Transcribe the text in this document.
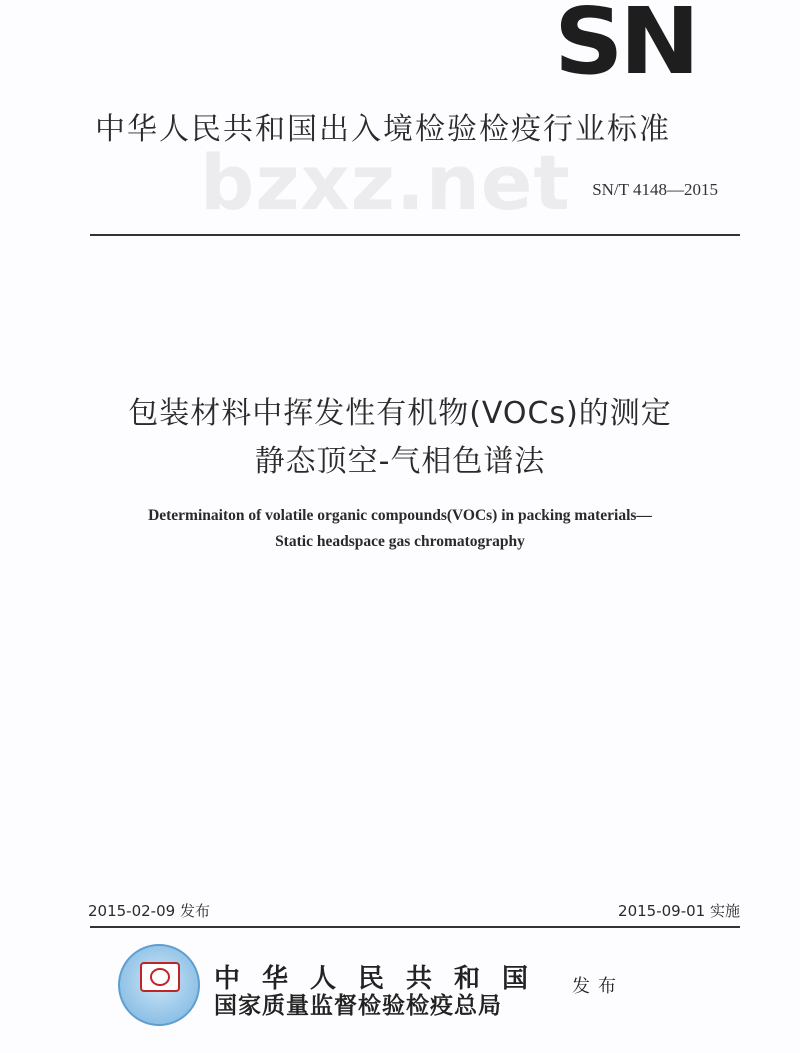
SN
中华人民共和国出入境检验检疫行业标准
bzxz.net SN/T 4148—2015
包装材料中挥发性有机物(VOCs)的测定
静态顶空-气相色谱法
Determinaiton of volatile organic compounds(VOCs) in packing materials—
Static headspace gas chromatography
2015-02-09 发布	2015-09-01 实施
中华人民共和国
国家质量监督检验检疫总局
发布
